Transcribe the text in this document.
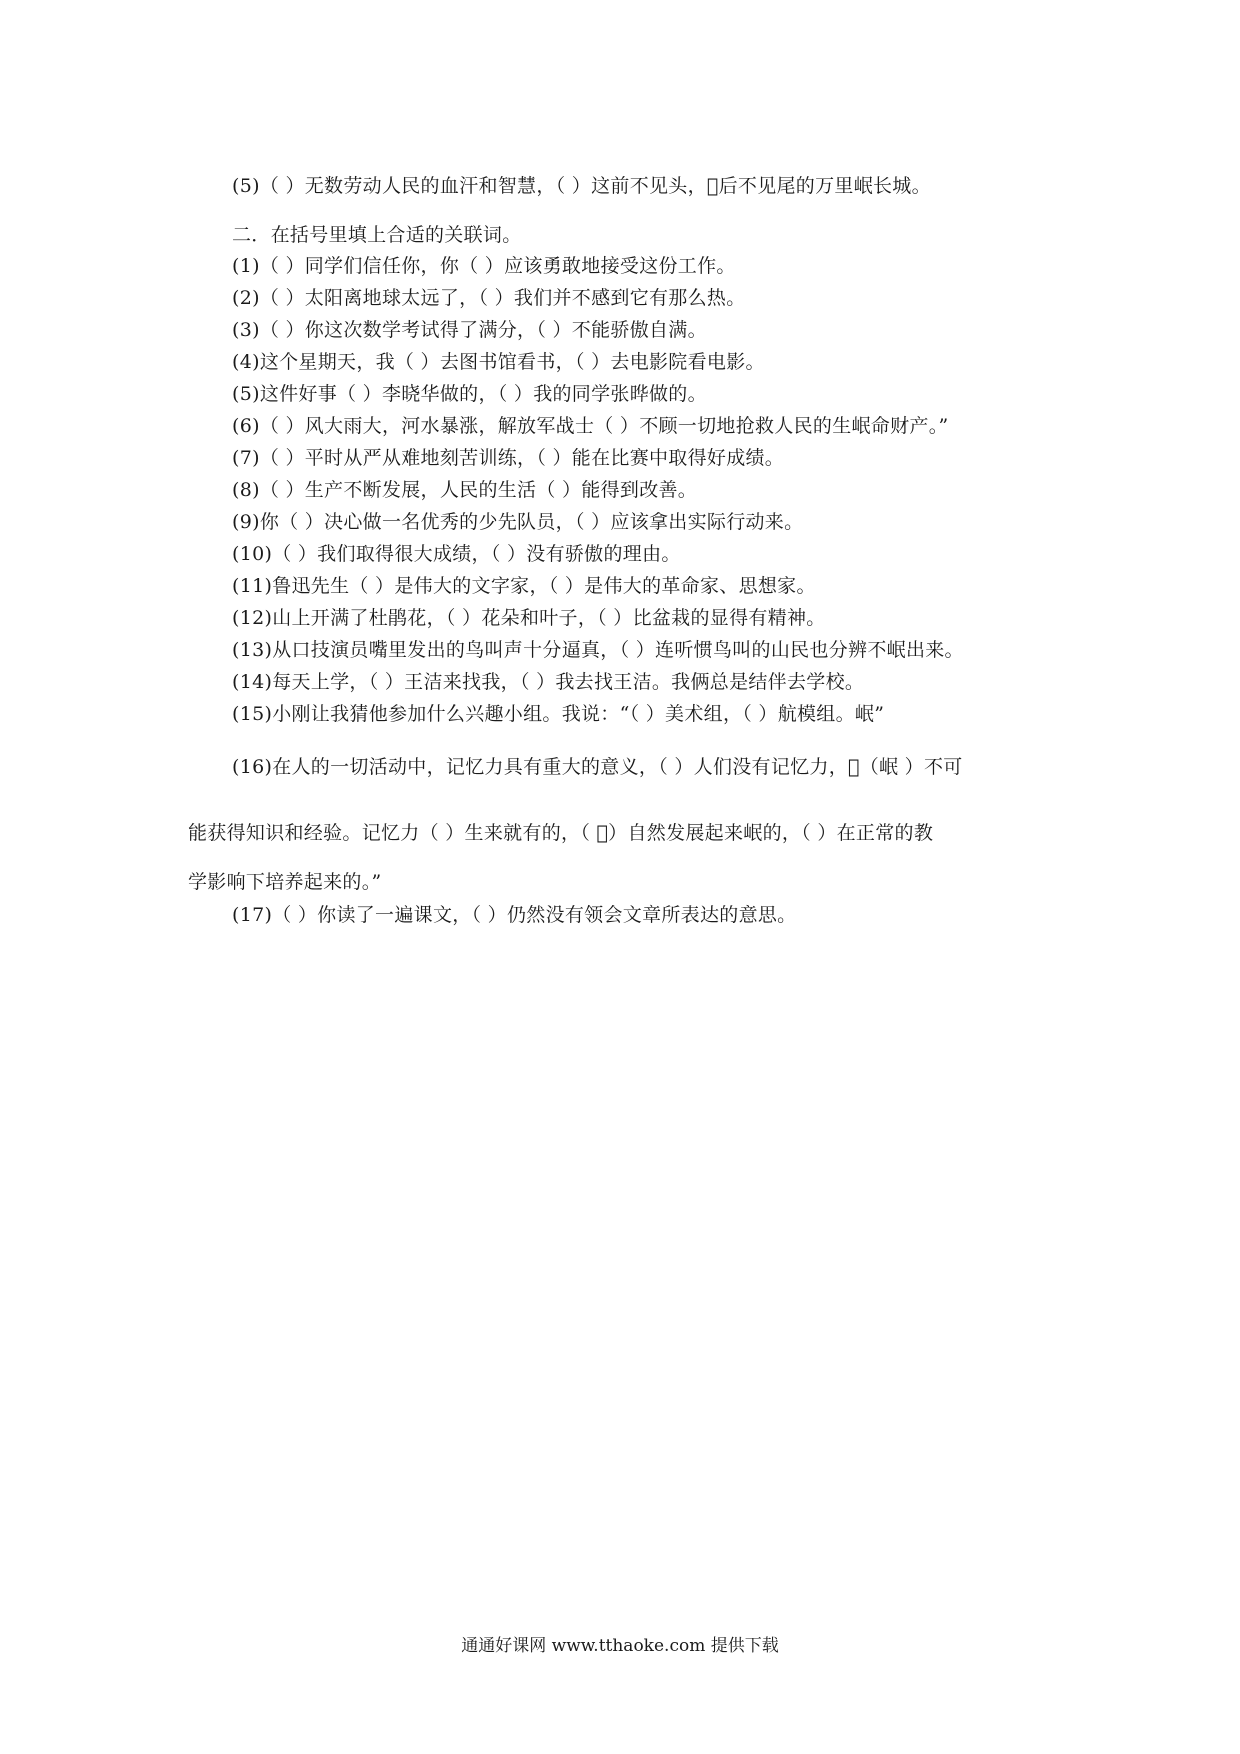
(5)（ ）无数劳动人民的血汗和智慧，（ ）这前不见头，􀀀后不见尾的万里岷长城。
二．在括号里填上合适的关联词。
(1)（ ）同学们信任你，你（ ）应该勇敢地接受这份工作。
(2)（ ）太阳离地球太远了，（ ）我们并不感到它有那么热。
(3)（ ）你这次数学考试得了满分，（ ）不能骄傲自满。
(4)这个星期天，我（ ）去图书馆看书，（ ）去电影院看电影。
(5)这件好事（ ）李晓华做的，（ ）我的同学张晔做的。
(6)（ ）风大雨大，河水暴涨，解放军战士（ ）不顾一切地抢救人民的生岷命财产。”
(7)（ ）平时从严从难地刻苦训练，（ ）能在比赛中取得好成绩。
(8)（ ）生产不断发展，人民的生活（ ）能得到改善。
(9)你（ ）决心做一名优秀的少先队员，（ ）应该拿出实际行动来。
(10)（ ）我们取得很大成绩，（ ）没有骄傲的理由。
(11)鲁迅先生（ ）是伟大的文字家，（ ）是伟大的革命家、思想家。
(12)山上开满了杜鹃花，（ ）花朵和叶子，（ ）比盆栽的显得有精神。
(13)从口技演员嘴里发出的鸟叫声十分逼真，（ ）连听惯鸟叫的山民也分辨不岷出来。
(14)每天上学，（ ）王洁来找我，（ ）我去找王洁。我俩总是结伴去学校。
(15)小刚让我猜他参加什么兴趣小组。我说：“（ ）美术组，（ ）航模组。岷”
(16)在人的一切活动中，记忆力具有重大的意义，（ ）人们没有记忆力，􀀀（岷 ）不可
能获得知识和经验。记忆力（ ）生来就有的，（ 􀀀）自然发展起来岷的，（ ）在正常的教
学影响下培养起来的。”
(17)（ ）你读了一遍课文，（ ）仍然没有领会文章所表达的意思。
通通好课网 www.tthaoke.com 提供下载
